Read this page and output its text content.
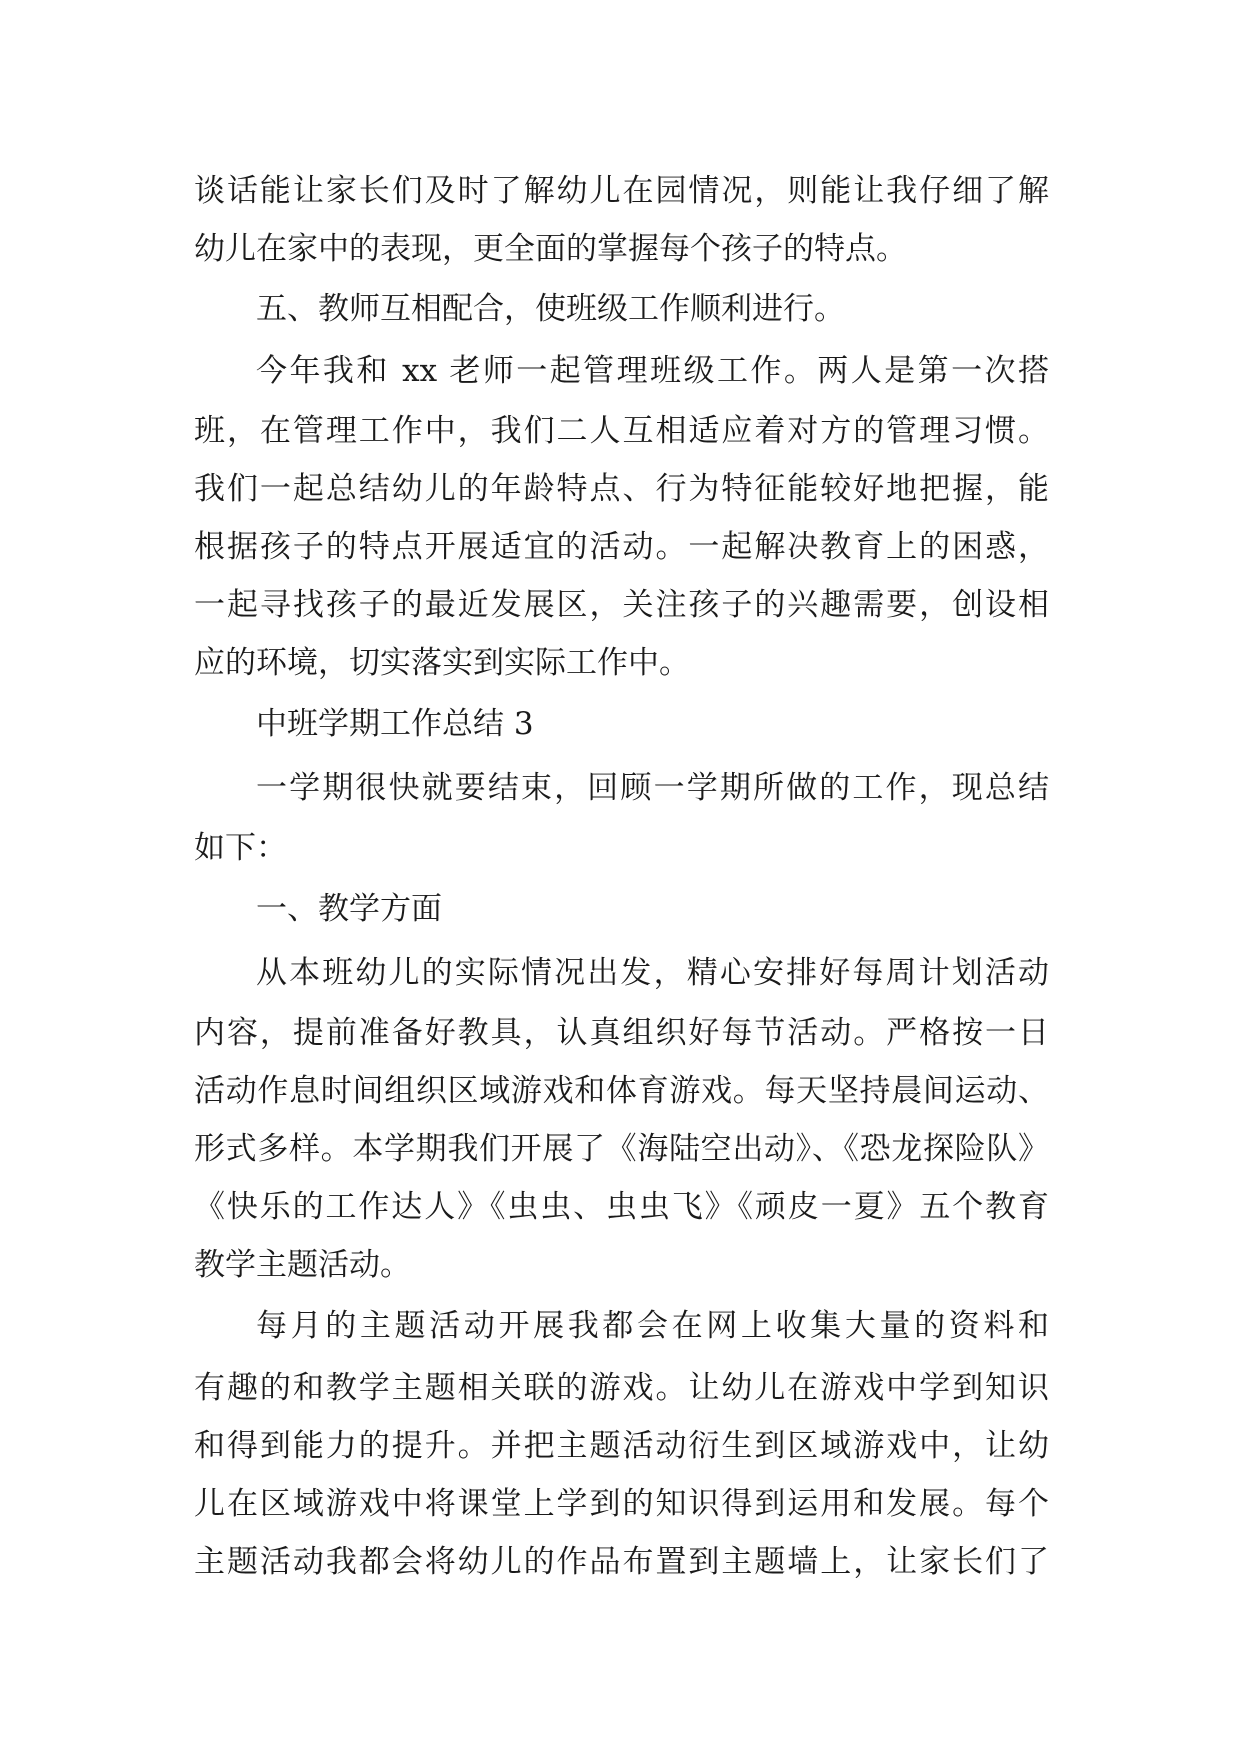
谈话能让家长们及时了解幼儿在园情况，则能让我仔细了解
幼儿在家中的表现，更全面的掌握每个孩子的特点。
五、教师互相配合，使班级工作顺利进行。
今年我和 xx 老师一起管理班级工作。两人是第一次搭
班，在管理工作中，我们二人互相适应着对方的管理习惯。
我们一起总结幼儿的年龄特点、行为特征能较好地把握，能
根据孩子的特点开展适宜的活动。一起解决教育上的困惑，
一起寻找孩子的最近发展区，关注孩子的兴趣需要，创设相
应的环境，切实落实到实际工作中。
中班学期工作总结 3
一学期很快就要结束，回顾一学期所做的工作，现总结
如下：
一、教学方面
从本班幼儿的实际情况出发，精心安排好每周计划活动
内容，提前准备好教具，认真组织好每节活动。严格按一日
活动作息时间组织区域游戏和体育游戏。每天坚持晨间运动、
形式多样。本学期我们开展了《海陆空出动》、《恐龙探险队》
《快乐的工作达人》《虫虫、虫虫飞》《顽皮一夏》五个教育
教学主题活动。
每月的主题活动开展我都会在网上收集大量的资料和
有趣的和教学主题相关联的游戏。让幼儿在游戏中学到知识
和得到能力的提升。并把主题活动衍生到区域游戏中，让幼
儿在区域游戏中将课堂上学到的知识得到运用和发展。每个
主题活动我都会将幼儿的作品布置到主题墙上，让家长们了
